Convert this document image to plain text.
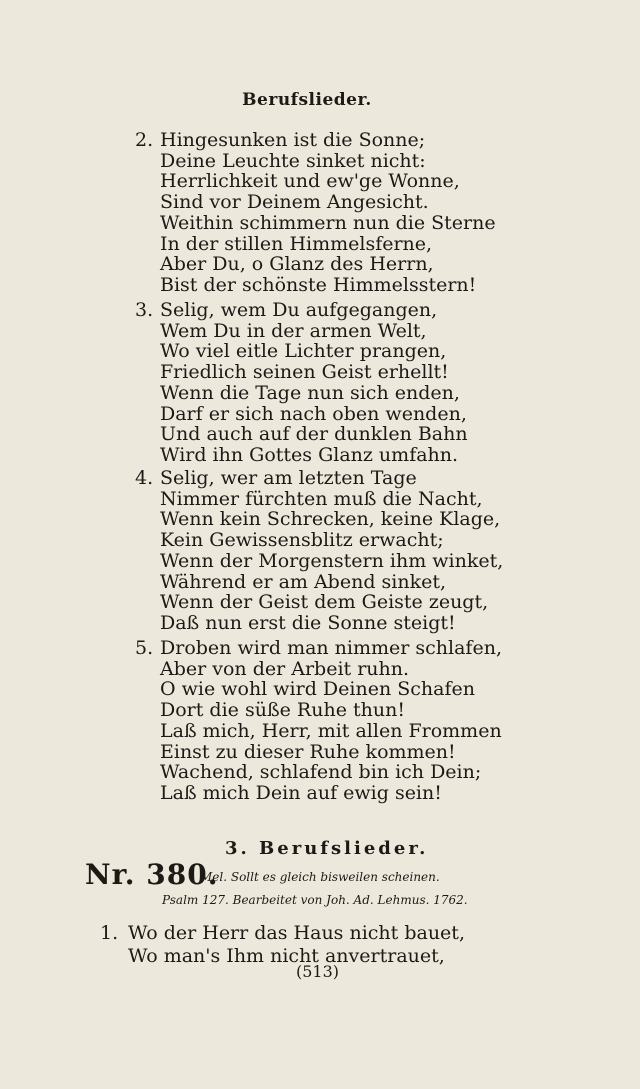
Berufslieder.
2. Hingesunken ist die Sonne;
Deine Leuchte sinket nicht:
Herrlichkeit und ew'ge Wonne,
Sind vor Deinem Angesicht.
Weithin schimmern nun die Sterne
In der stillen Himmelsferne,
Aber Du, o Glanz des Herrn,
Bist der schönste Himmelsstern!
3. Selig, wem Du aufgegangen,
Wem Du in der armen Welt,
Wo viel eitle Lichter prangen,
Friedlich seinen Geist erhellt!
Wenn die Tage nun sich enden,
Darf er sich nach oben wenden,
Und auch auf der dunklen Bahn
Wird ihn Gottes Glanz umfahn.
4. Selig, wer am letzten Tage
Nimmer fürchten muß die Nacht,
Wenn kein Schrecken, keine Klage,
Kein Gewissensblitz erwacht;
Wenn der Morgenstern ihm winket,
Während er am Abend sinket,
Wenn der Geist dem Geiste zeugt,
Daß nun erst die Sonne steigt!
5. Droben wird man nimmer schlafen,
Aber von der Arbeit ruhn.
O wie wohl wird Deinen Schafen
Dort die süße Ruhe thun!
Laß mich, Herr, mit allen Frommen
Einst zu dieser Ruhe kommen!
Wachend, schlafend bin ich Dein;
Laß mich Dein auf ewig sein!
3. Berufslieder.
Nr. 380.
Mel. Sollt es gleich bisweilen scheinen.
Psalm 127. Bearbeitet von Joh. Ad. Lehmus. 1762.
1. Wo der Herr das Haus nicht bauet,
Wo man's Ihm nicht anvertrauet,
(513)
